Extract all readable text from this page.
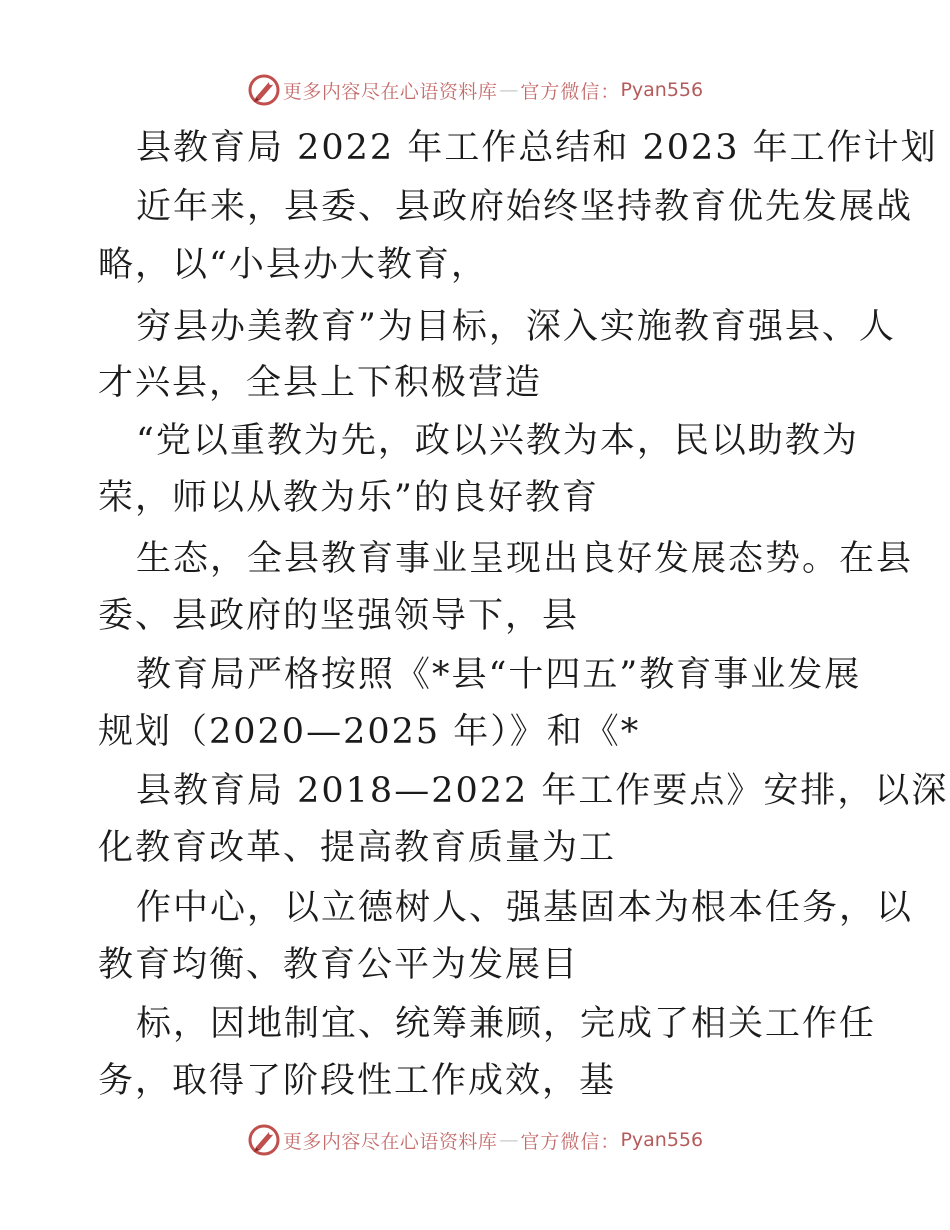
更多内容尽在心语资料库 — 官方微信： Pyan556
县教育局 2022 年工作总结和 2023 年工作计划
近年来，县委、县政府始终坚持教育优先发展战
略，以“小县办大教育，
穷县办美教育”为目标，深入实施教育强县、人
才兴县，全县上下积极营造
“党以重教为先，政以兴教为本，民以助教为
荣，师以从教为乐”的良好教育
生态，全县教育事业呈现出良好发展态势。在县
委、县政府的坚强领导下，县
教育局严格按照《*县“十四五”教育事业发展
规划（2020—2025 年）》和《*
县教育局 2018—2022 年工作要点》安排，以深
化教育改革、提高教育质量为工
作中心，以立德树人、强基固本为根本任务，以
教育均衡、教育公平为发展目
标，因地制宜、统筹兼顾，完成了相关工作任
务，取得了阶段性工作成效，基
更多内容尽在心语资料库 — 官方微信： Pyan556
